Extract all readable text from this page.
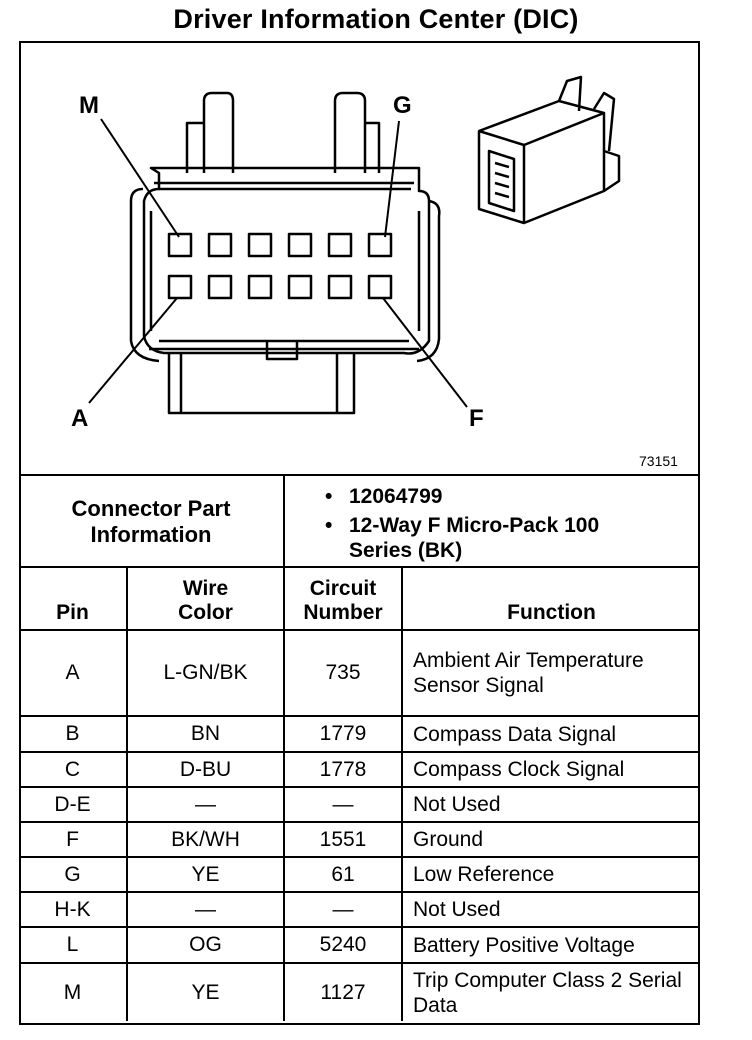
Driver Information Center (DIC)
M	G
A	F
73151
Connector Part Information
• 12064799
• 12-Way F Micro-Pack 100 Series (BK)
Pin	Wire Color	Circuit Number	Function
A	L-GN/BK	735	Ambient Air Temperature Sensor Signal

B	BN	1779	Compass Data Signal
C	D-BU	1778	Compass Clock Signal
D-E	—	—	Not Used
F	BK/WH	1551	Ground
G	YE	61	Low Reference
H-K	—	—	Not Used
L	OG	5240	Battery Positive Voltage
M	YE	1127	Trip Computer Class 2 Serial Data
